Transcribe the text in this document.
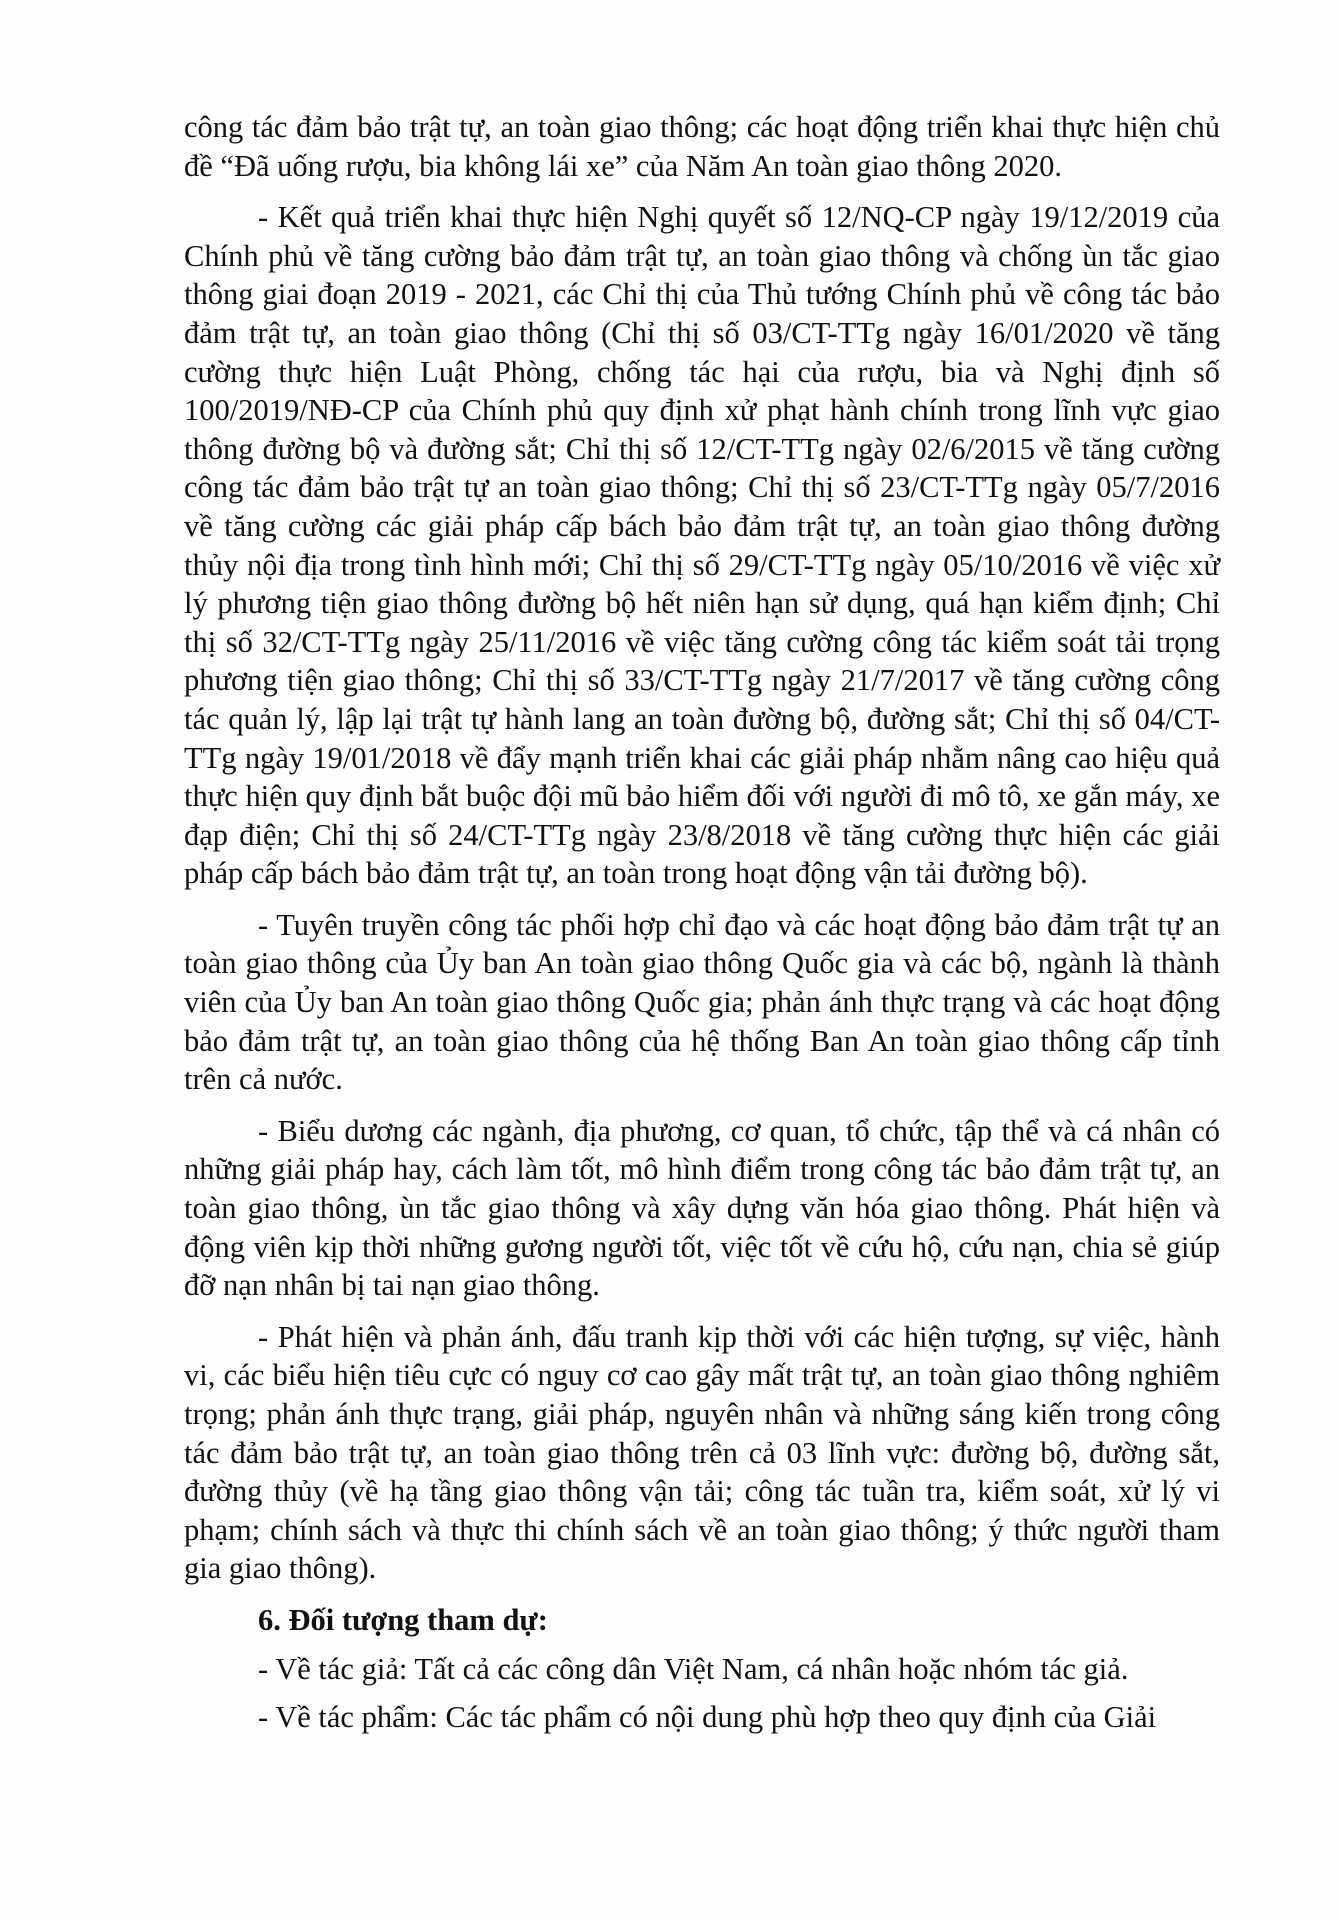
công tác đảm bảo trật tự, an toàn giao thông; các hoạt động triển khai thực hiện chủ đề “Đã uống rượu, bia không lái xe” của Năm An toàn giao thông 2020.

- Kết quả triển khai thực hiện Nghị quyết số 12/NQ-CP ngày 19/12/2019 của Chính phủ về tăng cường bảo đảm trật tự, an toàn giao thông và chống ùn tắc giao thông giai đoạn 2019 - 2021, các Chỉ thị của Thủ tướng Chính phủ về công tác bảo đảm trật tự, an toàn giao thông (Chỉ thị số 03/CT-TTg ngày 16/01/2020 về tăng cường thực hiện Luật Phòng, chống tác hại của rượu, bia và Nghị định số 100/2019/NĐ-CP của Chính phủ quy định xử phạt hành chính trong lĩnh vực giao thông đường bộ và đường sắt; Chỉ thị số 12/CT-TTg ngày 02/6/2015 về tăng cường công tác đảm bảo trật tự an toàn giao thông; Chỉ thị số 23/CT-TTg ngày 05/7/2016 về tăng cường các giải pháp cấp bách bảo đảm trật tự, an toàn giao thông đường thủy nội địa trong tình hình mới; Chỉ thị số 29/CT-TTg ngày 05/10/2016 về việc xử lý phương tiện giao thông đường bộ hết niên hạn sử dụng, quá hạn kiểm định; Chỉ thị số 32/CT-TTg ngày 25/11/2016 về việc tăng cường công tác kiểm soát tải trọng phương tiện giao thông; Chỉ thị số 33/CT-TTg ngày 21/7/2017 về tăng cường công tác quản lý, lập lại trật tự hành lang an toàn đường bộ, đường sắt; Chỉ thị số 04/CT-TTg ngày 19/01/2018 về đẩy mạnh triển khai các giải pháp nhằm nâng cao hiệu quả thực hiện quy định bắt buộc đội mũ bảo hiểm đối với người đi mô tô, xe gắn máy, xe đạp điện; Chỉ thị số 24/CT-TTg ngày 23/8/2018 về tăng cường thực hiện các giải pháp cấp bách bảo đảm trật tự, an toàn trong hoạt động vận tải đường bộ).

- Tuyên truyền công tác phối hợp chỉ đạo và các hoạt động bảo đảm trật tự an toàn giao thông của Ủy ban An toàn giao thông Quốc gia và các bộ, ngành là thành viên của Ủy ban An toàn giao thông Quốc gia; phản ánh thực trạng và các hoạt động bảo đảm trật tự, an toàn giao thông của hệ thống Ban An toàn giao thông cấp tỉnh trên cả nước.

- Biểu dương các ngành, địa phương, cơ quan, tổ chức, tập thể và cá nhân có những giải pháp hay, cách làm tốt, mô hình điểm trong công tác bảo đảm trật tự, an toàn giao thông, ùn tắc giao thông và xây dựng văn hóa giao thông. Phát hiện và động viên kịp thời những gương người tốt, việc tốt về cứu hộ, cứu nạn, chia sẻ giúp đỡ nạn nhân bị tai nạn giao thông.

- Phát hiện và phản ánh, đấu tranh kịp thời với các hiện tượng, sự việc, hành vi, các biểu hiện tiêu cực có nguy cơ cao gây mất trật tự, an toàn giao thông nghiêm trọng; phản ánh thực trạng, giải pháp, nguyên nhân và những sáng kiến trong công tác đảm bảo trật tự, an toàn giao thông trên cả 03 lĩnh vực: đường bộ, đường sắt, đường thủy (về hạ tầng giao thông vận tải; công tác tuần tra, kiểm soát, xử lý vi phạm; chính sách và thực thi chính sách về an toàn giao thông; ý thức người tham gia giao thông).

6. Đối tượng tham dự:

- Về tác giả: Tất cả các công dân Việt Nam, cá nhân hoặc nhóm tác giả.

- Về tác phẩm: Các tác phẩm có nội dung phù hợp theo quy định của Giải
